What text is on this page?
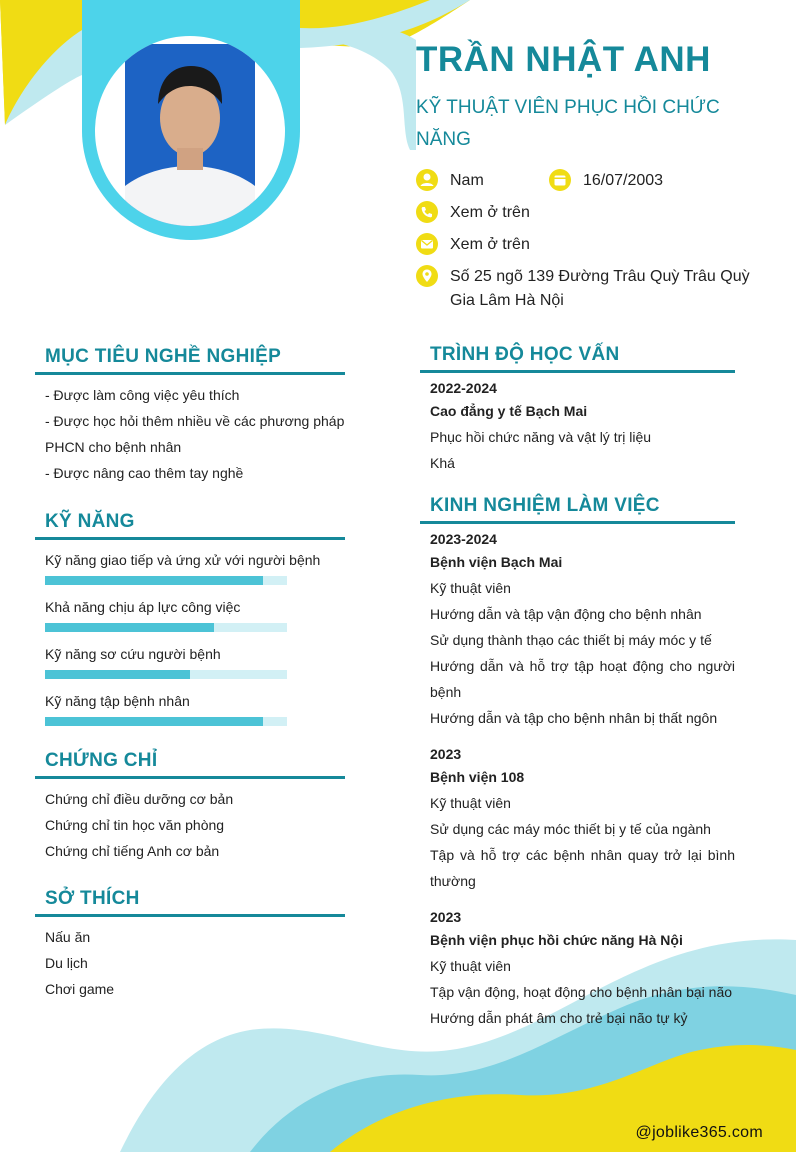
TRẦN NHẬT ANH
KỸ THUẬT VIÊN PHỤC HỒI CHỨC NĂNG
Nam	16/07/2003
Xem ở trên
Xem ở trên
Số 25 ngõ 139 Đường Trâu Quỳ Trâu Quỳ Gia Lâm Hà Nội
MỤC TIÊU NGHỀ NGHIỆP
- Được làm công việc yêu thích
- Được học hỏi thêm nhiều về các phương pháp PHCN cho bệnh nhân
- Được nâng cao thêm tay nghề
KỸ NĂNG
Kỹ năng giao tiếp và ứng xử với người bệnh
Khả năng chịu áp lực công việc
Kỹ năng sơ cứu người bệnh
Kỹ năng tập bệnh nhân
CHỨNG CHỈ
Chứng chỉ điều dưỡng cơ bản
Chứng chỉ tin học văn phòng
Chứng chỉ tiếng Anh cơ bản
SỞ THÍCH
Nấu ăn
Du lịch
Chơi game
TRÌNH ĐỘ HỌC VẤN
2022-2024
Cao đẳng y tế Bạch Mai
Phục hồi chức năng và vật lý trị liệu
Khá
KINH NGHIỆM LÀM VIỆC
2023-2024
Bệnh viện Bạch Mai
Kỹ thuật viên
Hướng dẫn và tập vận động cho bệnh nhân
Sử dụng thành thạo các thiết bị máy móc y tế
Hướng dẫn và hỗ trợ tập hoạt động cho người bệnh
Hướng dẫn và tập cho bệnh nhân bị thất ngôn
2023
Bệnh viện 108
Kỹ thuật viên
Sử dụng các máy móc thiết bị y tế của ngành
Tập và hỗ trợ các bệnh nhân quay trở lại bình thường
2023
Bệnh viện phục hồi chức năng Hà Nội
Kỹ thuật viên
Tập vận động, hoạt động cho bệnh nhân bại não
Hướng dẫn phát âm cho trẻ bại não tự kỷ
@joblike365.com
